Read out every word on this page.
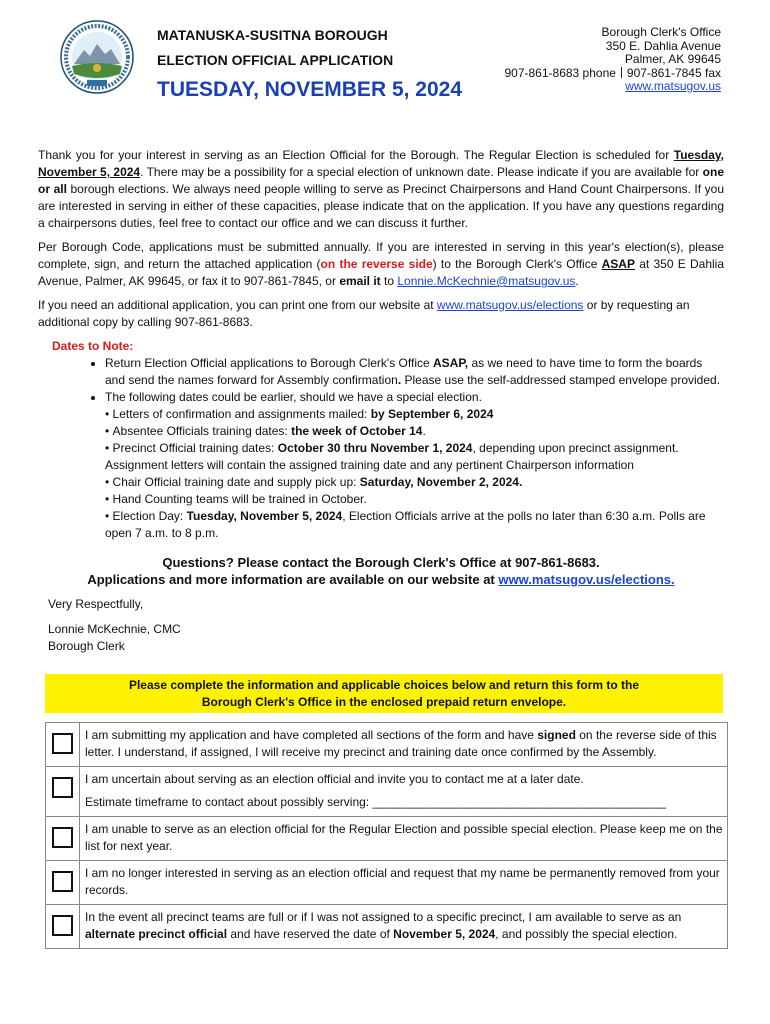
MATANUSKA-SUSITNA BOROUGH
ELECTION OFFICIAL APPLICATION
TUESDAY, NOVEMBER 5, 2024
Borough Clerk's Office
350 E. Dahlia Avenue
Palmer, AK 99645
907-861-8683 phone 907-861-7845 fax
www.matsugov.us

Thank you for your interest in serving as an Election Official for the Borough. The Regular Election is scheduled for Tuesday, November 5, 2024. There may be a possibility for a special election of unknown date. Please indicate if you are available for one or all borough elections. We always need people willing to serve as Precinct Chairpersons and Hand Count Chairpersons. If you are interested in serving in either of these capacities, please indicate that on the application. If you have any questions regarding a chairpersons duties, feel free to contact our office and we can discuss it further.

Per Borough Code, applications must be submitted annually. If you are interested in serving in this year's election(s), please complete, sign, and return the attached application (on the reverse side) to the Borough Clerk's Office ASAP at 350 E Dahlia Avenue, Palmer, AK 99645, or fax it to 907-861-7845, or email it to Lonnie.McKechnie@matsugov.us.

If you need an additional application, you can print one from our website at www.matsugov.us/elections or by requesting an additional copy by calling 907-861-8683.

Dates to Note:
• Return Election Official applications to Borough Clerk's Office ASAP, as we need to have time to form the boards and send the names forward for Assembly confirmation. Please use the self-addressed stamped envelope provided.
• The following dates could be earlier, should we have a special election.
• Letters of confirmation and assignments mailed: by September 6, 2024
• Absentee Officials training dates: the week of October 14.
• Precinct Official training dates: October 30 thru November 1, 2024, depending upon precinct assignment. Assignment letters will contain the assigned training date and any pertinent Chairperson information
• Chair Official training date and supply pick up: Saturday, November 2, 2024.
• Hand Counting teams will be trained in October.
• Election Day: Tuesday, November 5, 2024, Election Officials arrive at the polls no later than 6:30 a.m. Polls are open 7 a.m. to 8 p.m.
Questions? Please contact the Borough Clerk's Office at 907-861-8683.
Applications and more information are available on our website at www.matsugov.us/elections.

Very Respectfully,

Lonnie McKechnie, CMC
Borough Clerk

Please complete the information and applicable choices below and return this form to the
Borough Clerk's Office in the enclosed prepaid return envelope.
I am submitting my application and have completed all sections of the form and have signed on the reverse side of this letter. I understand, if assigned, I will receive my precinct and training date once confirmed by the Assembly.
I am uncertain about serving as an election official and invite you to contact me at a later date.
Estimate timeframe to contact about possibly serving: ____________________________________________
I am unable to serve as an election official for the Regular Election and possible special election. Please keep me on the list for next year.
I am no longer interested in serving as an election official and request that my name be permanently removed from your records.
In the event all precinct teams are full or if I was not assigned to a specific precinct, I am available to serve as an alternate precinct official and have reserved the date of November 5, 2024, and possibly the special election.
